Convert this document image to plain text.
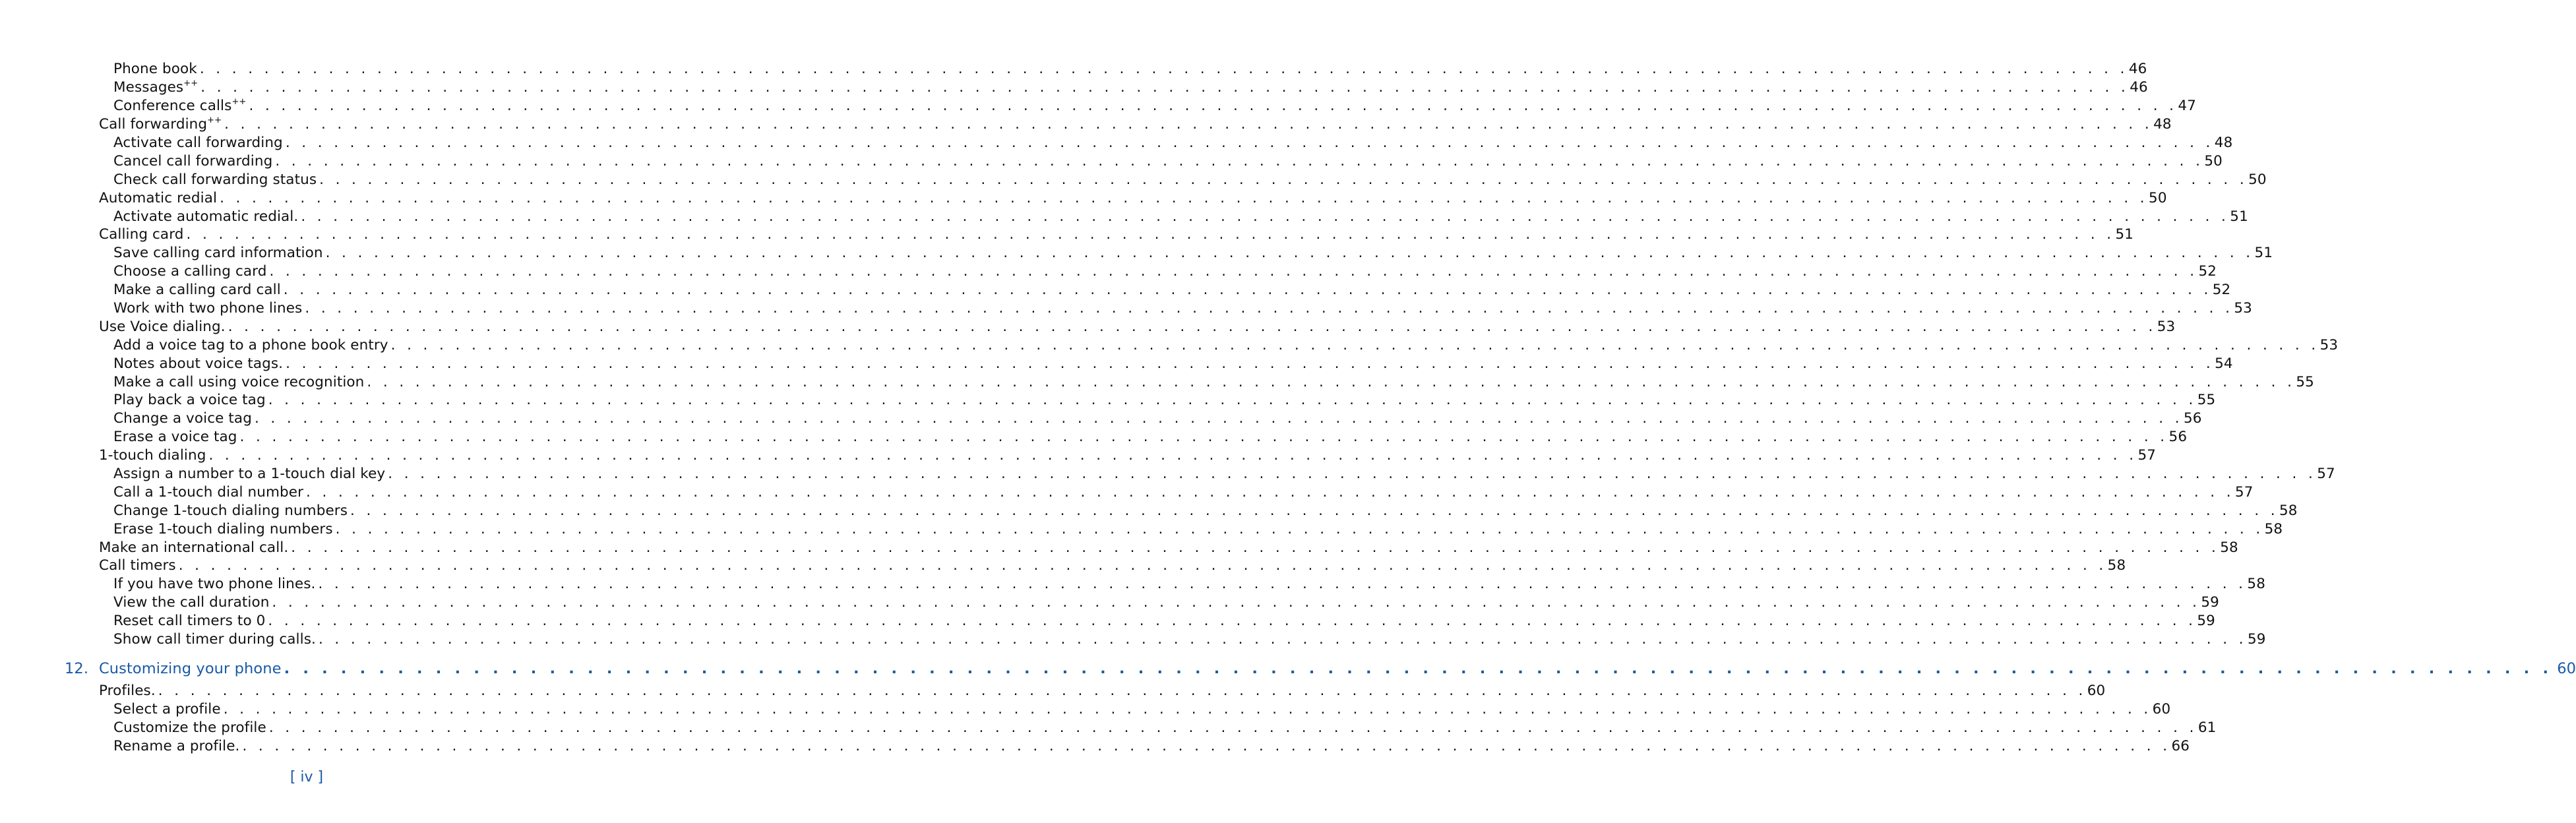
Phone book . . . . . . . . . . . . . . . . . . . . . . . . . . . . . . . . . . . . . . . . . . . . . . . . . . . . . . . . . . . . . . . . . . . . . . . . . . . . . . . . . . . . . . . . . . . . . . . . . . . . . . . . . . . . . . . . . . . . . . . . 46
Messages++ . . . . . . . . . . . . . . . . . . . . . . . . . . . . . . . . . . . . . . . . . . . . . . . . . . . . . . . . . . . . . . . . . . . . . . . . . . . . . . . . . . . . . . . . . . . . . . . . . . . . . . . . . . . . . . . . . . . . . . . . 46
Conference calls++ . . . . . . . . . . . . . . . . . . . . . . . . . . . . . . . . . . . . . . . . . . . . . . . . . . . . . . . . . . . . . . . . . . . . . . . . . . . . . . . . . . . . . . . . . . . . . . . . . . . . . . . . . . . . . . . . . . . . . . . . 47
Call forwarding++ . . . . . . . . . . . . . . . . . . . . . . . . . . . . . . . . . . . . . . . . . . . . . . . . . . . . . . . . . . . . . . . . . . . . . . . . . . . . . . . . . . . . . . . . . . . . . . . . . . . . . . . . . . . . . . . . . . . . . . . . 48
Activate call forwarding . . . . . . . . . . . . . . . . . . . . . . . . . . . . . . . . . . . . . . . . . . . . . . . . . . . . . . . . . . . . . . . . . . . . . . . . . . . . . . . . . . . . . . . . . . . . . . . . . . . . . . . . . . . . . . . . . . . . . . . . 48
Cancel call forwarding . . . . . . . . . . . . . . . . . . . . . . . . . . . . . . . . . . . . . . . . . . . . . . . . . . . . . . . . . . . . . . . . . . . . . . . . . . . . . . . . . . . . . . . . . . . . . . . . . . . . . . . . . . . . . . . . . . . . . . . . 50
Check call forwarding status . . . . . . . . . . . . . . . . . . . . . . . . . . . . . . . . . . . . . . . . . . . . . . . . . . . . . . . . . . . . . . . . . . . . . . . . . . . . . . . . . . . . . . . . . . . . . . . . . . . . . . . . . . . . . . . . . . . . . . . . 50
Automatic redial . . . . . . . . . . . . . . . . . . . . . . . . . . . . . . . . . . . . . . . . . . . . . . . . . . . . . . . . . . . . . . . . . . . . . . . . . . . . . . . . . . . . . . . . . . . . . . . . . . . . . . . . . . . . . . . . . . . . . . . . 50
Activate automatic redial. . . . . . . . . . . . . . . . . . . . . . . . . . . . . . . . . . . . . . . . . . . . . . . . . . . . . . . . . . . . . . . . . . . . . . . . . . . . . . . . . . . . . . . . . . . . . . . . . . . . . . . . . . . . . . . . . . . . . . . . . 51
Calling card . . . . . . . . . . . . . . . . . . . . . . . . . . . . . . . . . . . . . . . . . . . . . . . . . . . . . . . . . . . . . . . . . . . . . . . . . . . . . . . . . . . . . . . . . . . . . . . . . . . . . . . . . . . . . . . . . . . . . . . . 51
Save calling card information . . . . . . . . . . . . . . . . . . . . . . . . . . . . . . . . . . . . . . . . . . . . . . . . . . . . . . . . . . . . . . . . . . . . . . . . . . . . . . . . . . . . . . . . . . . . . . . . . . . . . . . . . . . . . . . . . . . . . . . . 51
Choose a calling card . . . . . . . . . . . . . . . . . . . . . . . . . . . . . . . . . . . . . . . . . . . . . . . . . . . . . . . . . . . . . . . . . . . . . . . . . . . . . . . . . . . . . . . . . . . . . . . . . . . . . . . . . . . . . . . . . . . . . . . . 52
Make a calling card call . . . . . . . . . . . . . . . . . . . . . . . . . . . . . . . . . . . . . . . . . . . . . . . . . . . . . . . . . . . . . . . . . . . . . . . . . . . . . . . . . . . . . . . . . . . . . . . . . . . . . . . . . . . . . . . . . . . . . . . . 52
Work with two phone lines . . . . . . . . . . . . . . . . . . . . . . . . . . . . . . . . . . . . . . . . . . . . . . . . . . . . . . . . . . . . . . . . . . . . . . . . . . . . . . . . . . . . . . . . . . . . . . . . . . . . . . . . . . . . . . . . . . . . . . . . 53
Use Voice dialing. . . . . . . . . . . . . . . . . . . . . . . . . . . . . . . . . . . . . . . . . . . . . . . . . . . . . . . . . . . . . . . . . . . . . . . . . . . . . . . . . . . . . . . . . . . . . . . . . . . . . . . . . . . . . . . . . . . . . . . . . 53
Add a voice tag to a phone book entry . . . . . . . . . . . . . . . . . . . . . . . . . . . . . . . . . . . . . . . . . . . . . . . . . . . . . . . . . . . . . . . . . . . . . . . . . . . . . . . . . . . . . . . . . . . . . . . . . . . . . . . . . . . . . . . . . . . . . . . . 53
Notes about voice tags. . . . . . . . . . . . . . . . . . . . . . . . . . . . . . . . . . . . . . . . . . . . . . . . . . . . . . . . . . . . . . . . . . . . . . . . . . . . . . . . . . . . . . . . . . . . . . . . . . . . . . . . . . . . . . . . . . . . . . . . . 54
Make a call using voice recognition . . . . . . . . . . . . . . . . . . . . . . . . . . . . . . . . . . . . . . . . . . . . . . . . . . . . . . . . . . . . . . . . . . . . . . . . . . . . . . . . . . . . . . . . . . . . . . . . . . . . . . . . . . . . . . . . . . . . . . . . 55
Play back a voice tag . . . . . . . . . . . . . . . . . . . . . . . . . . . . . . . . . . . . . . . . . . . . . . . . . . . . . . . . . . . . . . . . . . . . . . . . . . . . . . . . . . . . . . . . . . . . . . . . . . . . . . . . . . . . . . . . . . . . . . . . 55
Change a voice tag . . . . . . . . . . . . . . . . . . . . . . . . . . . . . . . . . . . . . . . . . . . . . . . . . . . . . . . . . . . . . . . . . . . . . . . . . . . . . . . . . . . . . . . . . . . . . . . . . . . . . . . . . . . . . . . . . . . . . . . . 56
Erase a voice tag . . . . . . . . . . . . . . . . . . . . . . . . . . . . . . . . . . . . . . . . . . . . . . . . . . . . . . . . . . . . . . . . . . . . . . . . . . . . . . . . . . . . . . . . . . . . . . . . . . . . . . . . . . . . . . . . . . . . . . . . 56
1-touch dialing . . . . . . . . . . . . . . . . . . . . . . . . . . . . . . . . . . . . . . . . . . . . . . . . . . . . . . . . . . . . . . . . . . . . . . . . . . . . . . . . . . . . . . . . . . . . . . . . . . . . . . . . . . . . . . . . . . . . . . . . 57
Assign a number to a 1-touch dial key . . . . . . . . . . . . . . . . . . . . . . . . . . . . . . . . . . . . . . . . . . . . . . . . . . . . . . . . . . . . . . . . . . . . . . . . . . . . . . . . . . . . . . . . . . . . . . . . . . . . . . . . . . . . . . . . . . . . . . . . 57
Call a 1-touch dial number . . . . . . . . . . . . . . . . . . . . . . . . . . . . . . . . . . . . . . . . . . . . . . . . . . . . . . . . . . . . . . . . . . . . . . . . . . . . . . . . . . . . . . . . . . . . . . . . . . . . . . . . . . . . . . . . . . . . . . . . 57
Change 1-touch dialing numbers . . . . . . . . . . . . . . . . . . . . . . . . . . . . . . . . . . . . . . . . . . . . . . . . . . . . . . . . . . . . . . . . . . . . . . . . . . . . . . . . . . . . . . . . . . . . . . . . . . . . . . . . . . . . . . . . . . . . . . . . 58
Erase 1-touch dialing numbers . . . . . . . . . . . . . . . . . . . . . . . . . . . . . . . . . . . . . . . . . . . . . . . . . . . . . . . . . . . . . . . . . . . . . . . . . . . . . . . . . . . . . . . . . . . . . . . . . . . . . . . . . . . . . . . . . . . . . . . . 58
Make an international call. . . . . . . . . . . . . . . . . . . . . . . . . . . . . . . . . . . . . . . . . . . . . . . . . . . . . . . . . . . . . . . . . . . . . . . . . . . . . . . . . . . . . . . . . . . . . . . . . . . . . . . . . . . . . . . . . . . . . . . . . 58
Call timers . . . . . . . . . . . . . . . . . . . . . . . . . . . . . . . . . . . . . . . . . . . . . . . . . . . . . . . . . . . . . . . . . . . . . . . . . . . . . . . . . . . . . . . . . . . . . . . . . . . . . . . . . . . . . . . . . . . . . . . . 58
If you have two phone lines. . . . . . . . . . . . . . . . . . . . . . . . . . . . . . . . . . . . . . . . . . . . . . . . . . . . . . . . . . . . . . . . . . . . . . . . . . . . . . . . . . . . . . . . . . . . . . . . . . . . . . . . . . . . . . . . . . . . . . . . . 58
View the call duration . . . . . . . . . . . . . . . . . . . . . . . . . . . . . . . . . . . . . . . . . . . . . . . . . . . . . . . . . . . . . . . . . . . . . . . . . . . . . . . . . . . . . . . . . . . . . . . . . . . . . . . . . . . . . . . . . . . . . . . . 59
Reset call timers to 0 . . . . . . . . . . . . . . . . . . . . . . . . . . . . . . . . . . . . . . . . . . . . . . . . . . . . . . . . . . . . . . . . . . . . . . . . . . . . . . . . . . . . . . . . . . . . . . . . . . . . . . . . . . . . . . . . . . . . . . . . 59
Show call timer during calls. . . . . . . . . . . . . . . . . . . . . . . . . . . . . . . . . . . . . . . . . . . . . . . . . . . . . . . . . . . . . . . . . . . . . . . . . . . . . . . . . . . . . . . . . . . . . . . . . . . . . . . . . . . . . . . . . . . . . . . . . 59
12. Customizing your phone . . . . . . . . . . . . . . . . . . . . . . . . . . . . . . . . . . . . . . . . . . . . . . . . . . . . . . . . . . . . . . . . . . . . . . . . . . . . . . . . . . . . . . . . . . . . . . . . . . . . . . . . . . . . . . . . . . . . . . . . 60
Profiles. . . . . . . . . . . . . . . . . . . . . . . . . . . . . . . . . . . . . . . . . . . . . . . . . . . . . . . . . . . . . . . . . . . . . . . . . . . . . . . . . . . . . . . . . . . . . . . . . . . . . . . . . . . . . . . . . . . . . . . . . 60
Select a profile . . . . . . . . . . . . . . . . . . . . . . . . . . . . . . . . . . . . . . . . . . . . . . . . . . . . . . . . . . . . . . . . . . . . . . . . . . . . . . . . . . . . . . . . . . . . . . . . . . . . . . . . . . . . . . . . . . . . . . . . 60
Customize the profile . . . . . . . . . . . . . . . . . . . . . . . . . . . . . . . . . . . . . . . . . . . . . . . . . . . . . . . . . . . . . . . . . . . . . . . . . . . . . . . . . . . . . . . . . . . . . . . . . . . . . . . . . . . . . . . . . . . . . . . . 61
Rename a profile. . . . . . . . . . . . . . . . . . . . . . . . . . . . . . . . . . . . . . . . . . . . . . . . . . . . . . . . . . . . . . . . . . . . . . . . . . . . . . . . . . . . . . . . . . . . . . . . . . . . . . . . . . . . . . . . . . . . . . . . . 66
[ iv ]
